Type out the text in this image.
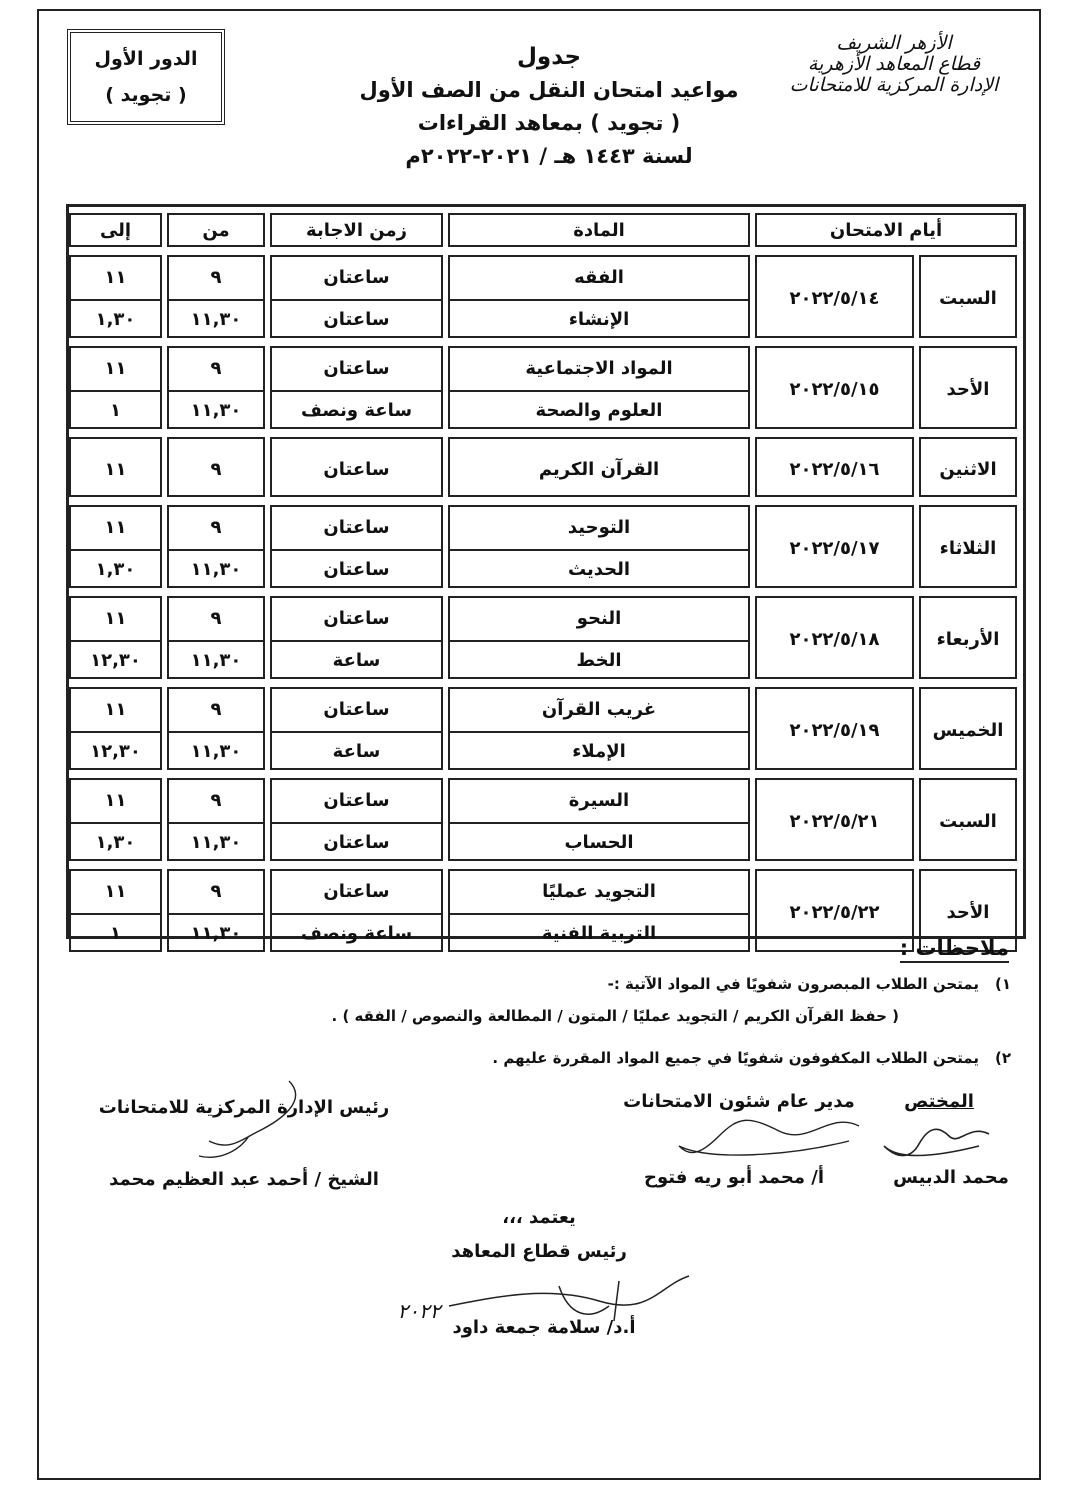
الأزهر الشريف
قطاع المعاهد الأزهرية
الإدارة المركزية للامتحانات
جدول
مواعيد امتحان النقل من الصف الأول
( تجويد ) بمعاهد القراءات
لسنة ١٤٤٣ هـ / ٢٠٢١-٢٠٢٢م
الدور الأول
( تجويد )
أيام الامتحان
المادة
زمن الاجابة
من
إلى
السبت
٢٠٢٢/٥/١٤
الفقه
الإنشاء
ساعتان
ساعتان
٩
١١,٣٠
١١
١,٣٠
الأحد
٢٠٢٢/٥/١٥
المواد الاجتماعية
العلوم والصحة
ساعتان
ساعة ونصف
٩
١١,٣٠
١١
١
الاثنين
٢٠٢٢/٥/١٦
القرآن الكريم
ساعتان
٩
١١
الثلاثاء
٢٠٢٢/٥/١٧
التوحيد
الحديث
ساعتان
ساعتان
٩
١١,٣٠
١١
١,٣٠
الأربعاء
٢٠٢٢/٥/١٨
النحو
الخط
ساعتان
ساعة
٩
١١,٣٠
١١
١٢,٣٠
الخميس
٢٠٢٢/٥/١٩
غريب القرآن
الإملاء
ساعتان
ساعة
٩
١١,٣٠
١١
١٢,٣٠
السبت
٢٠٢٢/٥/٢١
السيرة
الحساب
ساعتان
ساعتان
٩
١١,٣٠
١١
١,٣٠
الأحد
٢٠٢٢/٥/٢٢
التجويد عمليًا
التربية الفنية
ساعتان
ساعة ونصف
٩
١١,٣٠
١١
١
ملاحظات :
١)
يمتحن الطلاب المبصرون شفويًا في المواد الآتية :-
( حفظ القرآن الكريم / التجويد عمليًا / المتون / المطالعة والنصوص / الفقه ) .
٢)
يمتحن الطلاب المكفوفون شفويًا في جميع المواد المقررة عليهم .
المختص
محمد الدبيس
مدير عام شئون الامتحانات
أ/ محمد أبو ريه فتوح
رئيس الإدارة المركزية للامتحانات
الشيخ / أحمد عبد العظيم محمد
يعتمد ،،،
رئيس قطاع المعاهد
أ.د/ سلامة جمعة داود
٢٠٢٢
